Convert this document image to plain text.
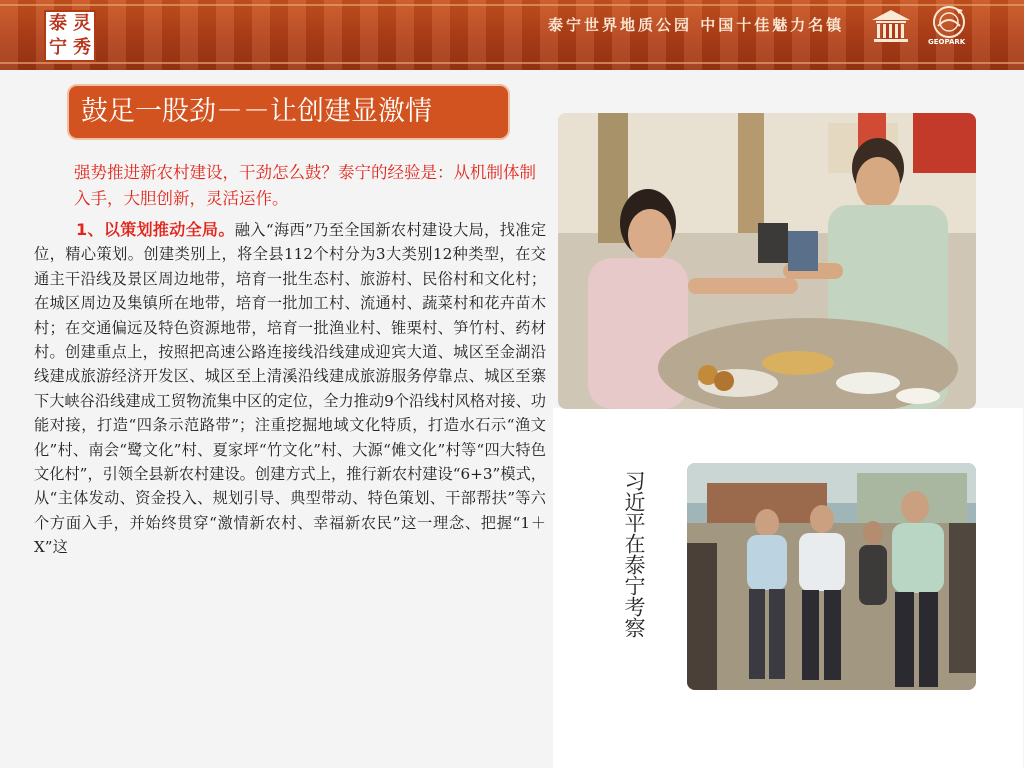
泰 灵
宁 秀
泰宁世界地质公园 中国十佳魅力名镇
GEOPARK
鼓足一股劲－－让创建显激情

强势推进新农村建设，干劲怎么鼓？泰宁的经验是：从机制体制入手，大胆创新，灵活运作。

1、以策划推动全局。融入“海西”乃至全国新农村建设大局，找准定位，精心策划。创建类别上，将全县112个村分为3大类别12种类型，在交通主干沿线及景区周边地带，培育一批生态村、旅游村、民俗村和文化村；在城区周边及集镇所在地带，培育一批加工村、流通村、蔬菜村和花卉苗木村；在交通偏远及特色资源地带，培育一批渔业村、锥栗村、笋竹村、药材村。创建重点上，按照把高速公路连接线沿线建成迎宾大道、城区至金湖沿线建成旅游经济开发区、城区至上清溪沿线建成旅游服务停靠点、城区至寨下大峡谷沿线建成工贸物流集中区的定位，全力推动9个沿线村风格对接、功能对接，打造“四条示范路带”；注重挖掘地域文化特质，打造水石示“渔文化”村、南会“鹭文化”村、夏家坪“竹文化”村、大源“傩文化”村等“四大特色文化村”，引领全县新农村建设。创建方式上，推行新农村建设“6+3”模式，从“主体发动、资金投入、规划引导、典型带动、特色策划、干部帮扶”等六个方面入手，并始终贯穿“激情新农村、幸福新农民”这一理念、把握“1＋X”这	习近平在泰宁考察
